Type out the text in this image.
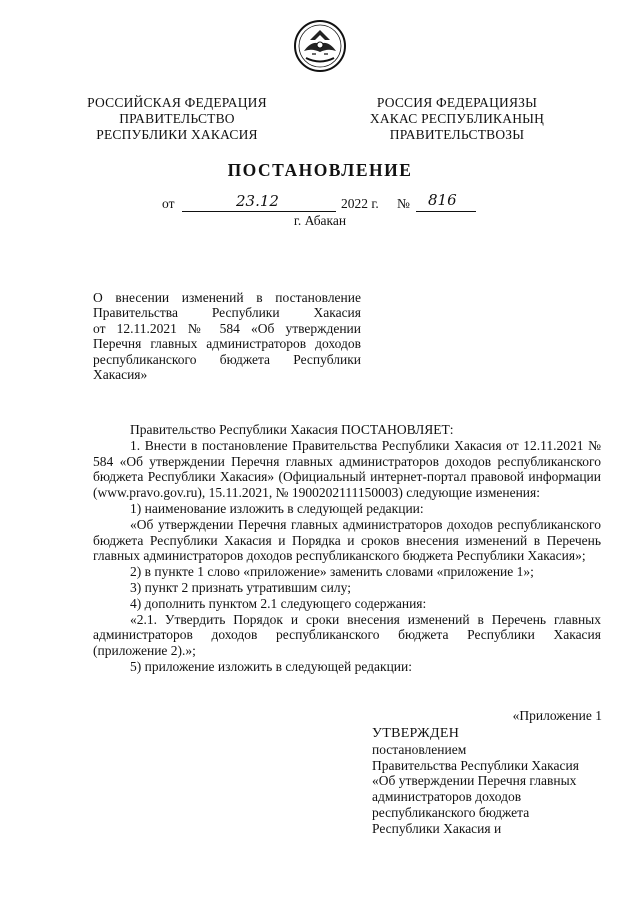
РОССИЙСКАЯ ФЕДЕРАЦИЯ
ПРАВИТЕЛЬСТВО
РЕСПУБЛИКИ ХАКАСИЯ
РОССИЯ ФЕДЕРАЦИЯЗЫ
ХАКАС РЕСПУБЛИКАНЫҢ
ПРАВИТЕЛЬСТВОЗЫ
ПОСТАНОВЛЕНИЕ
от	23.12	2022 г. № 816
г. Абакан
О внесении изменений в постановление
Правительства Республики Хакасия
от 12.11.2021 № 584 «Об утверждении
Перечня главных администраторов доходов
республиканского бюджета Республики
Хакасия»

Правительство Республики Хакасия ПОСТАНОВЛЯЕТ:

1. Внести в постановление Правительства Республики Хакасия от 12.11.2021 № 584 «Об утверждении Перечня главных администраторов доходов республиканского бюджета Республики Хакасия» (Официальный интернет-портал правовой информации (www.pravo.gov.ru), 15.11.2021, № 1900202111150003) следующие изменения:

1) наименование изложить в следующей редакции:

«Об утверждении Перечня главных администраторов доходов республиканского бюджета Республики Хакасия и Порядка и сроков внесения изменений в Перечень главных администраторов доходов республиканского бюджета Республики Хакасия»;

2) в пункте 1 слово «приложение» заменить словами «приложение 1»;

3) пункт 2 признать утратившим силу;

4) дополнить пунктом 2.1 следующего содержания:

«2.1. Утвердить Порядок и сроки внесения изменений в Перечень главных администраторов доходов республиканского бюджета Республики Хакасия (приложение 2).»;

5) приложение изложить в следующей редакции:

«Приложение 1
УТВЕРЖДЕН
постановлением
Правительства Республики Хакасия
«Об утверждении Перечня главных
администраторов доходов
республиканского бюджета
Республики Хакасия и
